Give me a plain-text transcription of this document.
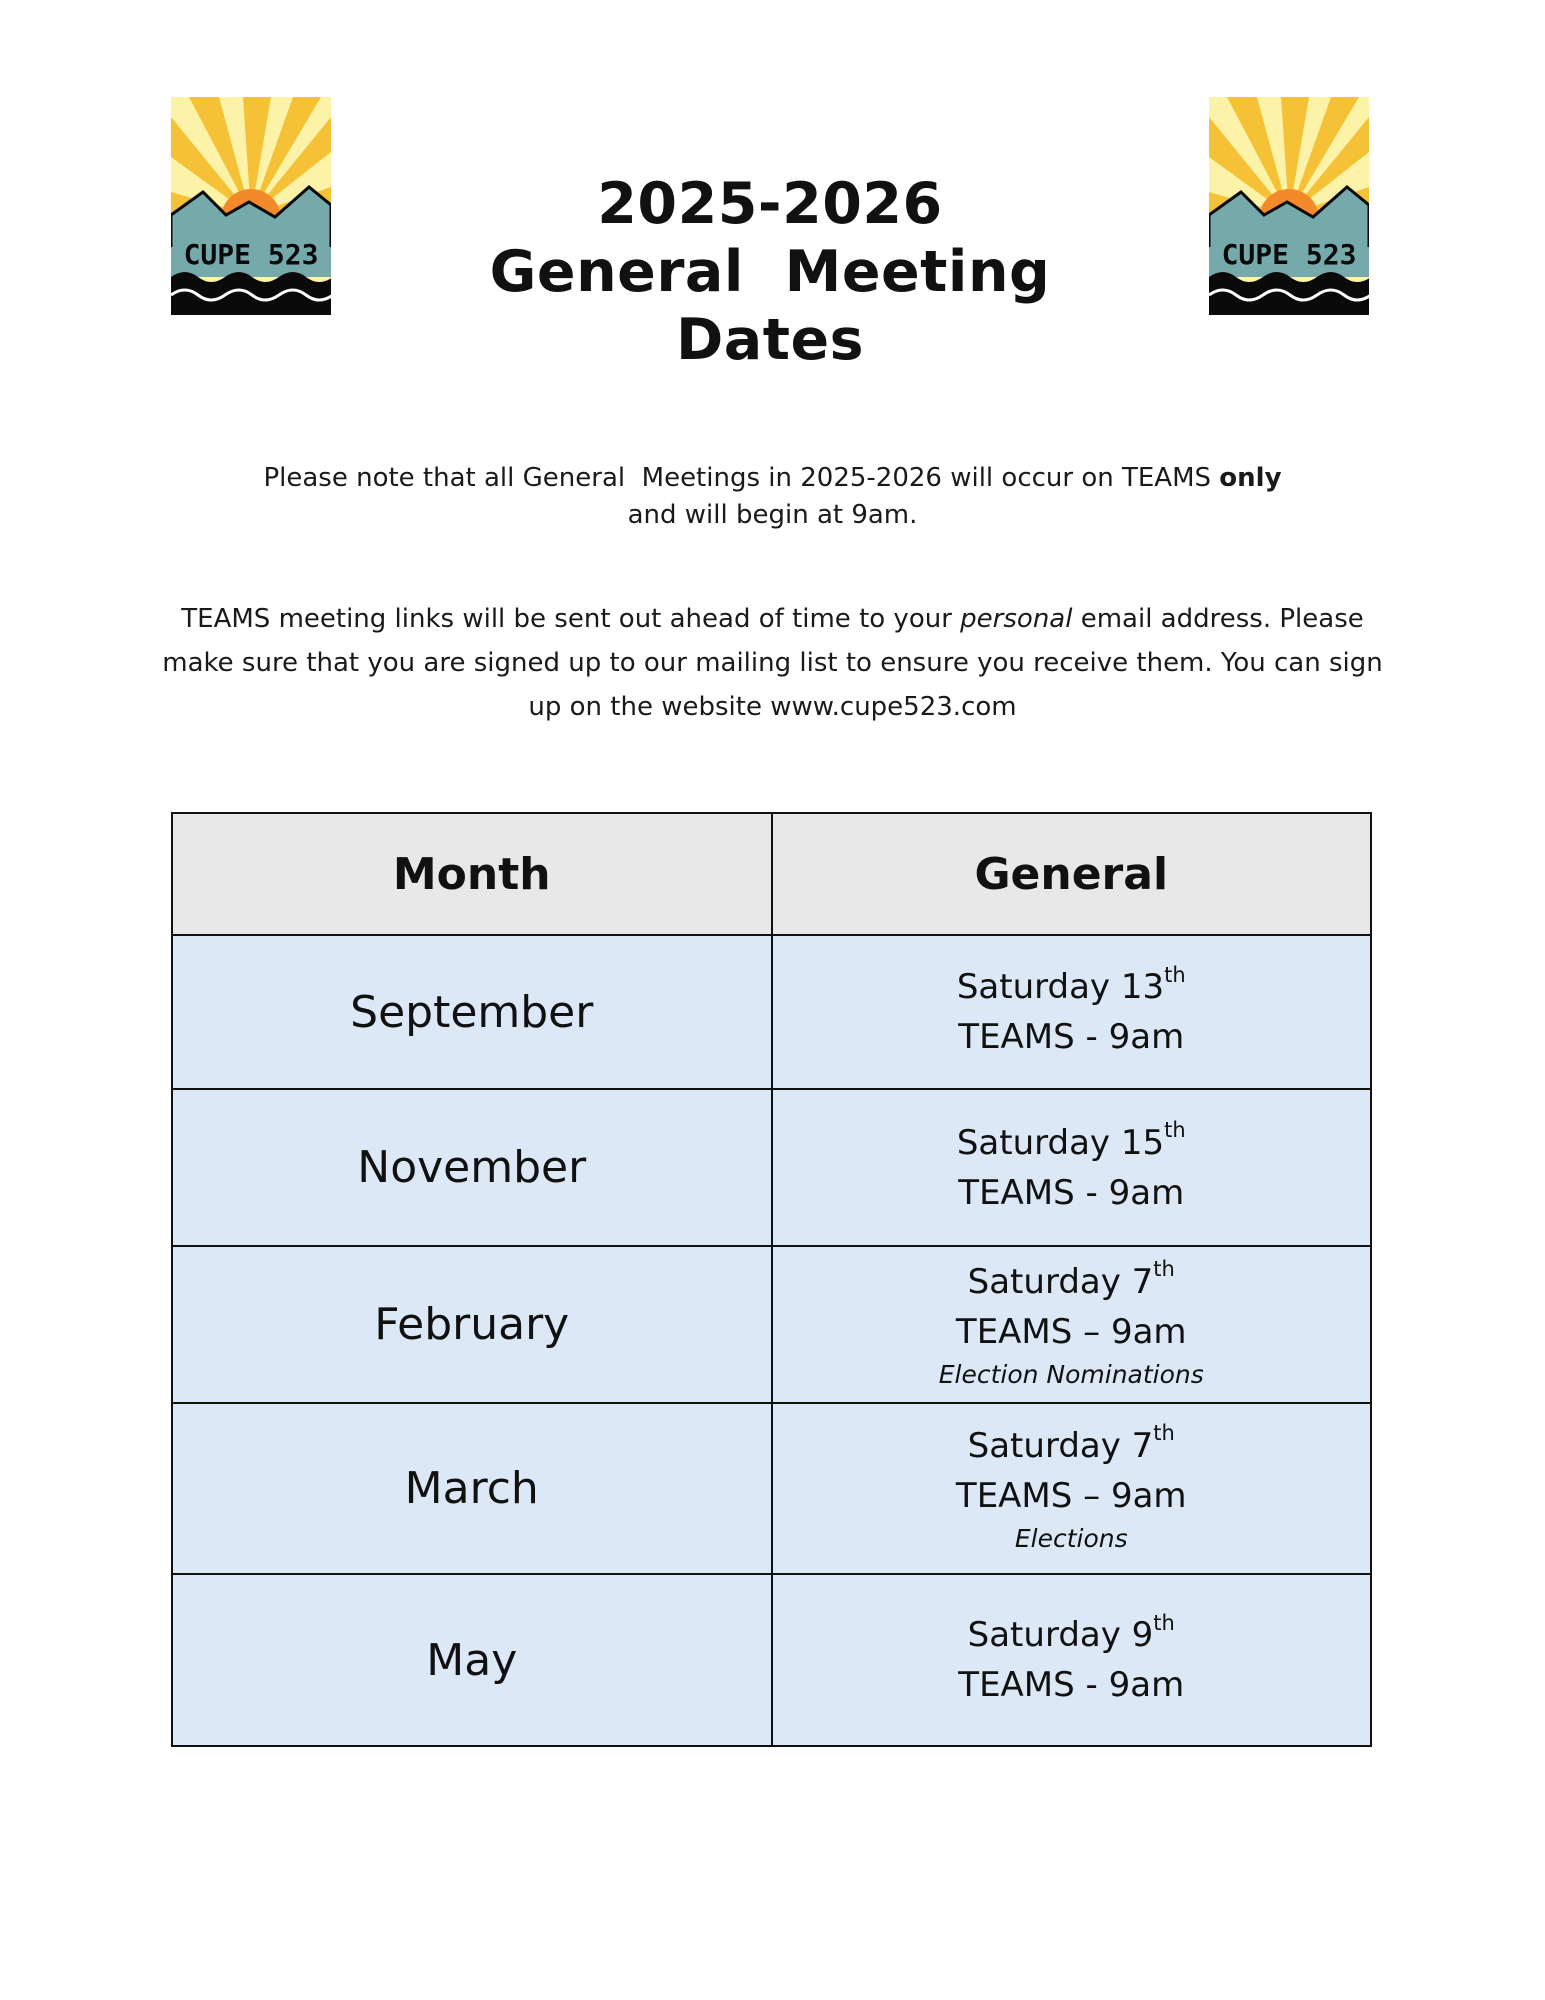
CUPE 523	CUPE 523
2025-2026
General  Meeting
Dates
Please note that all General  Meetings in 2025-2026 will occur on TEAMS only
and will begin at 9am.
TEAMS meeting links will be sent out ahead of time to your personal email address. Please make sure that you are signed up to our mailing list to ensure you receive them. You can sign up on the website www.cupe523.com
Month	General
September	Saturday 13th
TEAMS - 9am

November	Saturday 15th
TEAMS - 9am

February	Saturday 7th
TEAMS – 9am
Election Nominations

March	Saturday 7th
TEAMS – 9am
Elections

May	Saturday 9th
TEAMS - 9am
